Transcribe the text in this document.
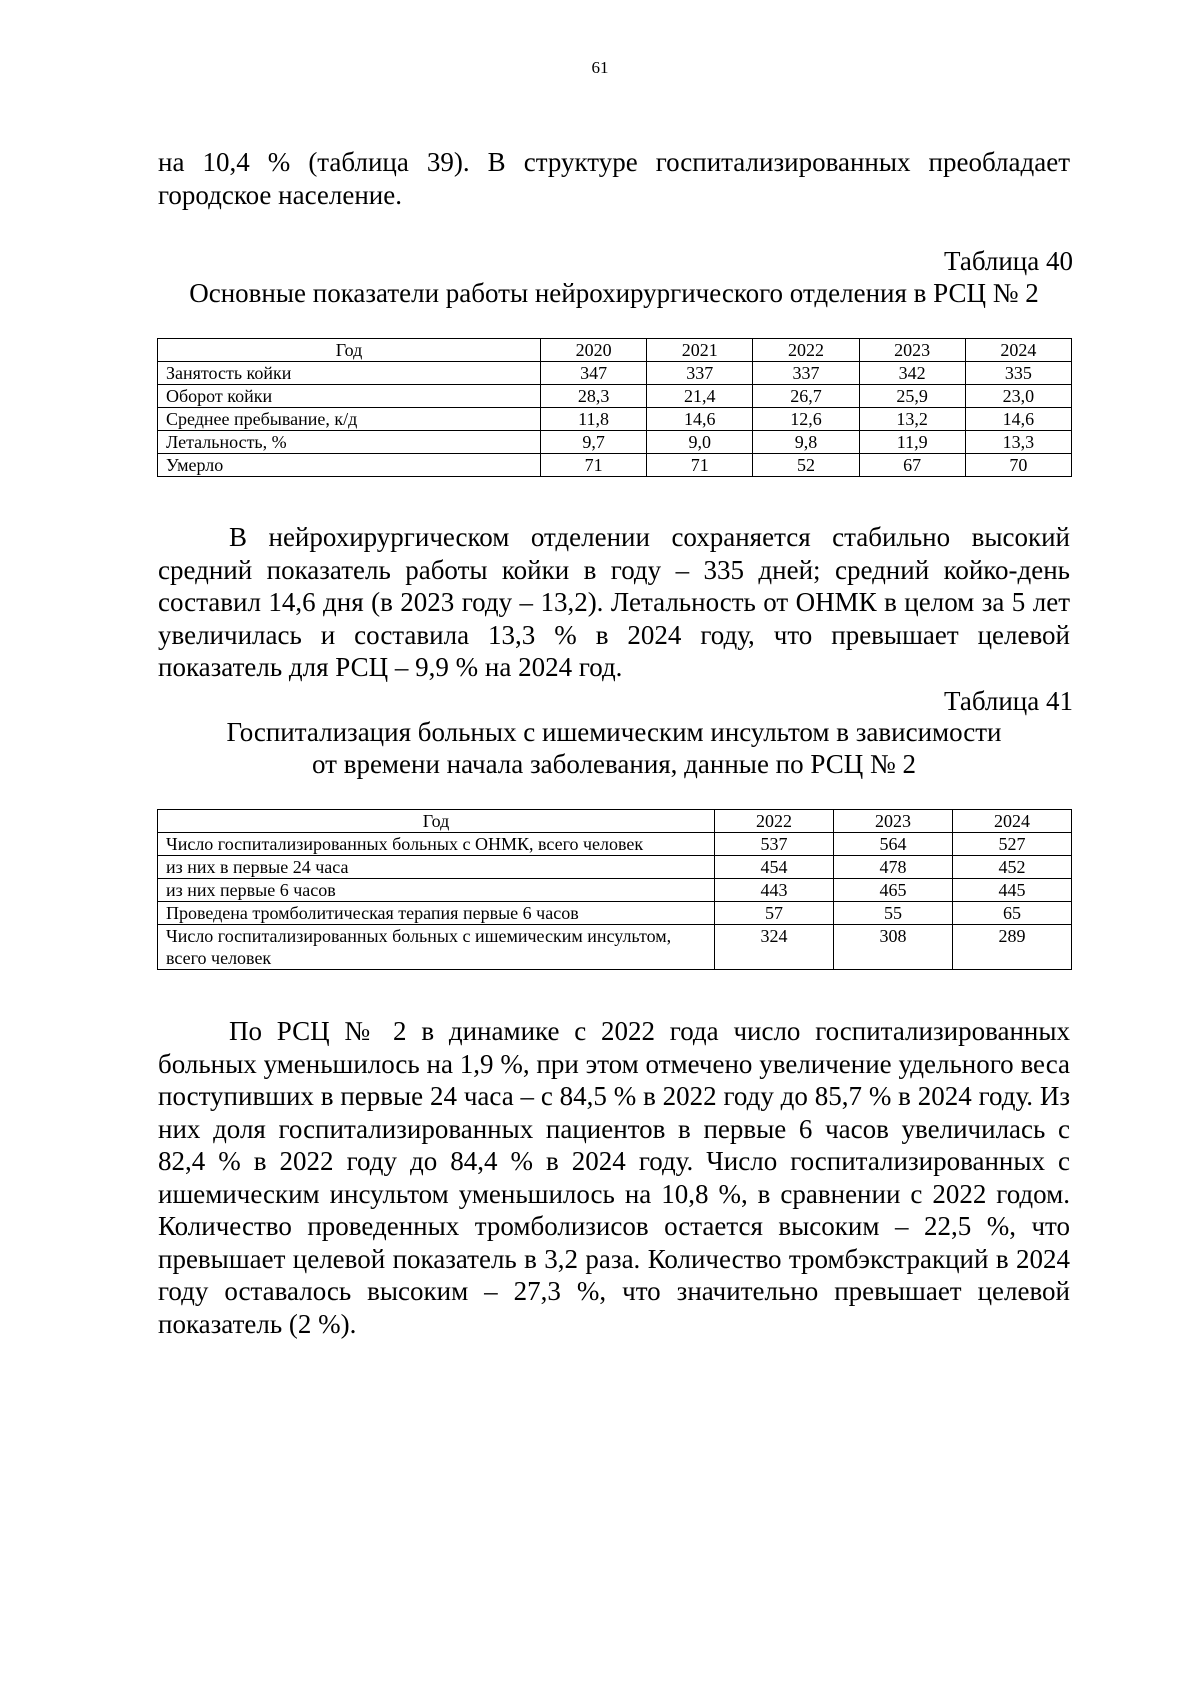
61

на 10,4 % (таблица 39). В структуре госпитализированных преобладает городское население.

Таблица 40
Основные показатели работы нейрохирургического отделения в РСЦ № 2
Год	2020	2021	2022	2023	2024
Занятость койки	347	337	337	342	335
Оборот койки	28,3	21,4	26,7	25,9	23,0
Среднее пребывание, к/д	11,8	14,6	12,6	13,2	14,6
Летальность, %	9,7	9,0	9,8	11,9	13,3
Умерло	71	71	52	67	70

В нейрохирургическом отделении сохраняется стабильно высокий средний показатель работы койки в году – 335 дней; средний койко-день составил 14,6 дня (в 2023 году – 13,2). Летальность от ОНМК в целом за 5 лет увеличилась и составила 13,3 % в 2024 году, что превышает целевой показатель для РСЦ – 9,9 % на 2024 год.

Таблица 41
Госпитализация больных с ишемическим инсультом в зависимости
от времени начала заболевания, данные по РСЦ № 2
Год	2022	2023	2024
Число госпитализированных больных с ОНМК, всего человек	537	564	527
из них в первые 24 часа	454	478	452
из них первые 6 часов	443	465	445
Проведена тромболитическая терапия первые 6 часов	57	55	65
Число госпитализированных больных с ишемическим инсультом, всего человек	324	308	289

По РСЦ № 2 в динамике с 2022 года число госпитализированных больных уменьшилось на 1,9 %, при этом отмечено увеличение удельного веса поступивших в первые 24 часа – с 84,5 % в 2022 году до 85,7 % в 2024 году. Из них доля госпитализированных пациентов в первые 6 часов увеличилась с 82,4 % в 2022 году до 84,4 % в 2024 году. Число госпитализированных с ишемическим инсультом уменьшилось на 10,8 %, в сравнении с 2022 годом. Количество проведенных тромболизисов остается высоким – 22,5 %, что превышает целевой показатель в 3,2 раза. Количество тромбэкстракций в 2024 году оставалось высоким – 27,3 %, что значительно превышает целевой показатель (2 %).
